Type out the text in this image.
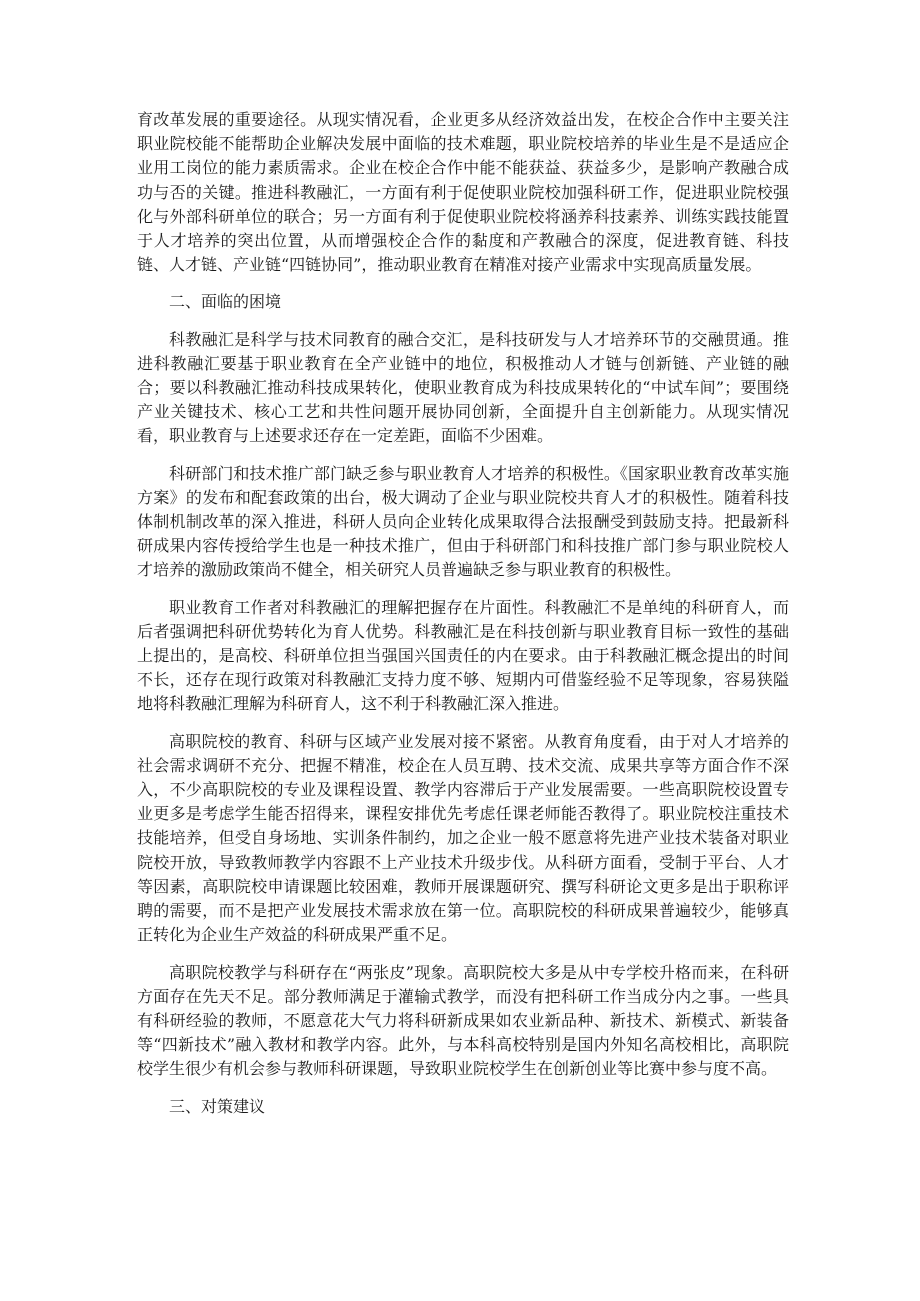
育改革发展的重要途径。从现实情况看，企业更多从经济效益出发，在校企合作中主要关注职业院校能不能帮助企业解决发展中面临的技术难题，职业院校培养的毕业生是不是适应企业用工岗位的能力素质需求。企业在校企合作中能不能获益、获益多少，是影响产教融合成功与否的关键。推进科教融汇，一方面有利于促使职业院校加强科研工作，促进职业院校强化与外部科研单位的联合；另一方面有利于促使职业院校将涵养科技素养、训练实践技能置于人才培养的突出位置，从而增强校企合作的黏度和产教融合的深度，促进教育链、科技链、人才链、产业链“四链协同”，推动职业教育在精准对接产业需求中实现高质量发展。

二、面临的困境

科教融汇是科学与技术同教育的融合交汇，是科技研发与人才培养环节的交融贯通。推进科教融汇要基于职业教育在全产业链中的地位，积极推动人才链与创新链、产业链的融合；要以科教融汇推动科技成果转化，使职业教育成为科技成果转化的“中试车间”；要围绕产业关键技术、核心工艺和共性问题开展协同创新，全面提升自主创新能力。从现实情况看，职业教育与上述要求还存在一定差距，面临不少困难。

科研部门和技术推广部门缺乏参与职业教育人才培养的积极性。《国家职业教育改革实施方案》的发布和配套政策的出台，极大调动了企业与职业院校共育人才的积极性。随着科技体制机制改革的深入推进，科研人员向企业转化成果取得合法报酬受到鼓励支持。把最新科研成果内容传授给学生也是一种技术推广，但由于科研部门和科技推广部门参与职业院校人才培养的激励政策尚不健全，相关研究人员普遍缺乏参与职业教育的积极性。

职业教育工作者对科教融汇的理解把握存在片面性。科教融汇不是单纯的科研育人，而后者强调把科研优势转化为育人优势。科教融汇是在科技创新与职业教育目标一致性的基础上提出的，是高校、科研单位担当强国兴国责任的内在要求。由于科教融汇概念提出的时间不长，还存在现行政策对科教融汇支持力度不够、短期内可借鉴经验不足等现象，容易狭隘地将科教融汇理解为科研育人，这不利于科教融汇深入推进。

高职院校的教育、科研与区域产业发展对接不紧密。从教育角度看，由于对人才培养的社会需求调研不充分、把握不精准，校企在人员互聘、技术交流、成果共享等方面合作不深入，不少高职院校的专业及课程设置、教学内容滞后于产业发展需要。一些高职院校设置专业更多是考虑学生能否招得来，课程安排优先考虑任课老师能否教得了。职业院校注重技术技能培养，但受自身场地、实训条件制约，加之企业一般不愿意将先进产业技术装备对职业院校开放，导致教师教学内容跟不上产业技术升级步伐。从科研方面看，受制于平台、人才等因素，高职院校申请课题比较困难，教师开展课题研究、撰写科研论文更多是出于职称评聘的需要，而不是把产业发展技术需求放在第一位。高职院校的科研成果普遍较少，能够真正转化为企业生产效益的科研成果严重不足。

高职院校教学与科研存在“两张皮”现象。高职院校大多是从中专学校升格而来，在科研方面存在先天不足。部分教师满足于灌输式教学，而没有把科研工作当成分内之事。一些具有科研经验的教师，不愿意花大气力将科研新成果如农业新品种、新技术、新模式、新装备等“四新技术”融入教材和教学内容。此外，与本科高校特别是国内外知名高校相比，高职院校学生很少有机会参与教师科研课题，导致职业院校学生在创新创业等比赛中参与度不高。

三、对策建议
